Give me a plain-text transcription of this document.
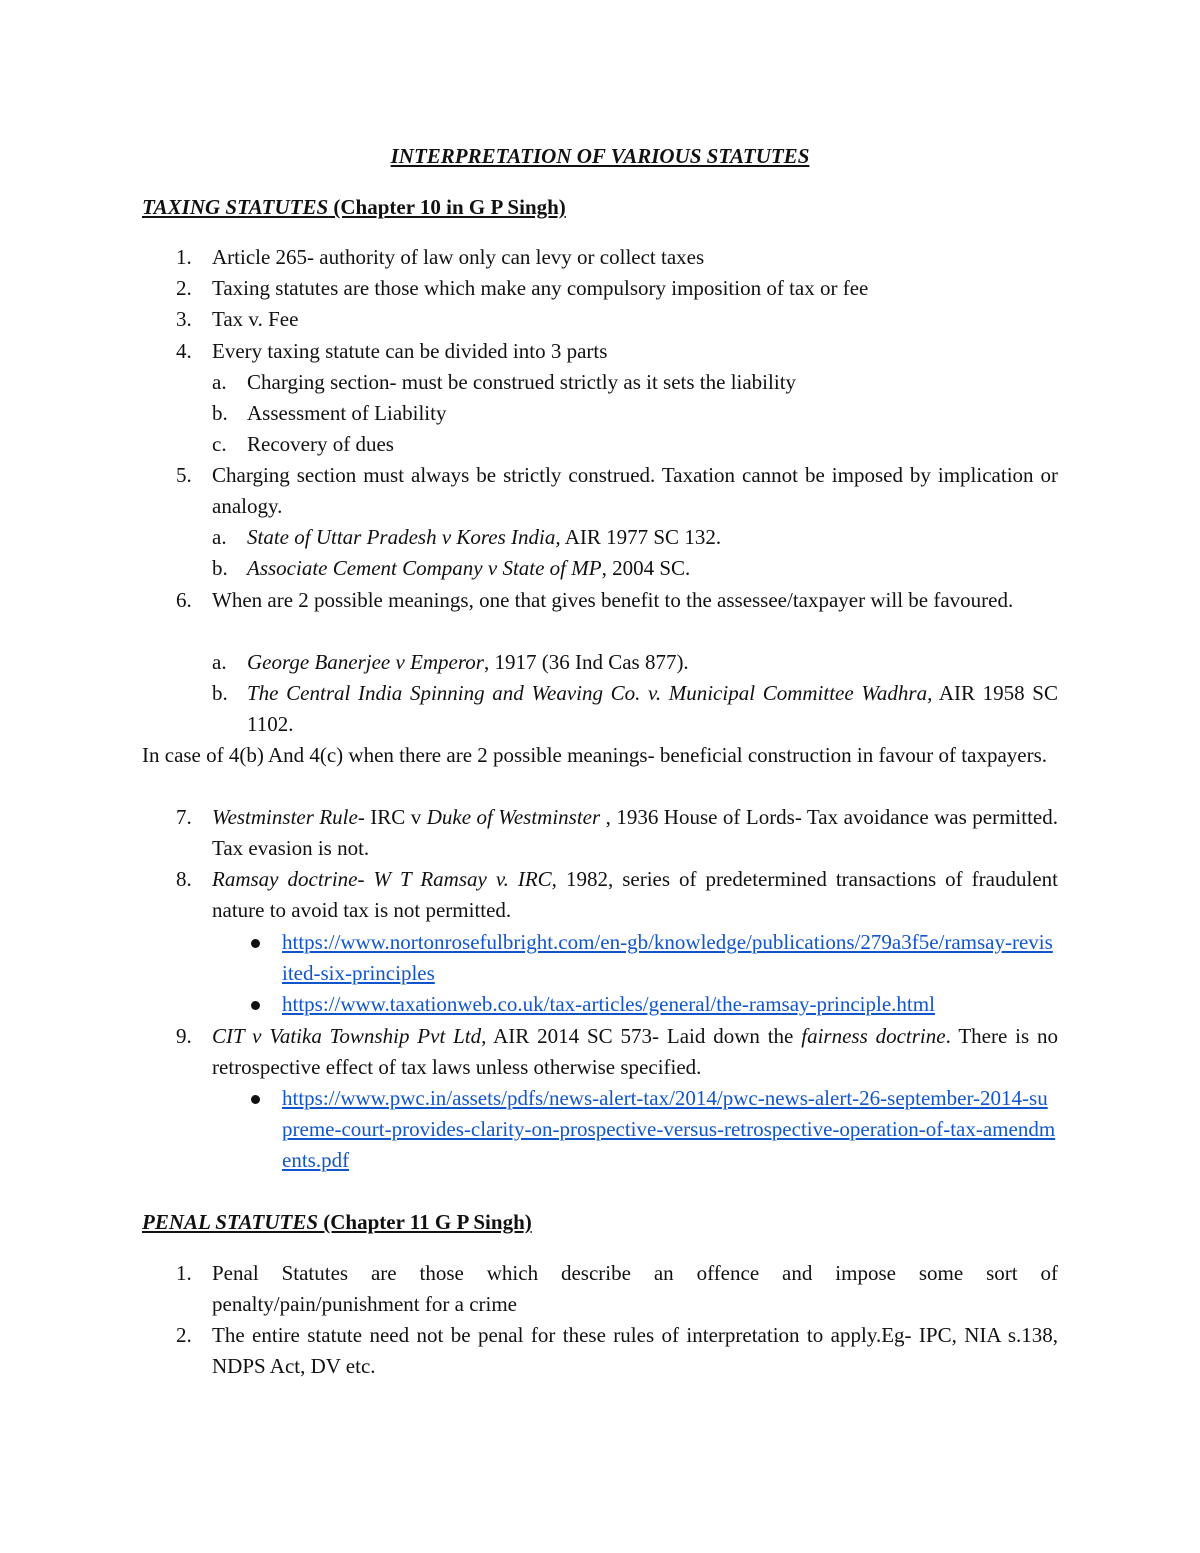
INTERPRETATION OF VARIOUS STATUTES
TAXING STATUTES (Chapter 10 in G P Singh)
1. Article 265- authority of law only can levy or collect taxes
2. Taxing statutes are those which make any compulsory imposition of tax or fee
3. Tax v. Fee
4. Every taxing statute can be divided into 3 parts
a. Charging section- must be construed strictly as it sets the liability
b. Assessment of Liability
c. Recovery of dues
5. Charging section must always be strictly construed. Taxation cannot be imposed by implication or analogy.
a. State of Uttar Pradesh v Kores India, AIR 1977 SC 132.
b. Associate Cement Company v State of MP, 2004 SC.
6. When are 2 possible meanings, one that gives benefit to the assessee/taxpayer will be favoured.
a. George Banerjee v Emperor, 1917 (36 Ind Cas 877).
b. The Central India Spinning and Weaving Co. v. Municipal Committee Wadhra, AIR 1958 SC 1102.
In case of 4(b) And 4(c) when there are 2 possible meanings- beneficial construction in favour of taxpayers.
7. Westminster Rule- IRC v Duke of Westminster , 1936 House of Lords- Tax avoidance was permitted. Tax evasion is not.
8. Ramsay doctrine- W T Ramsay v. IRC, 1982, series of predetermined transactions of fraudulent nature to avoid tax is not permitted.
https://www.nortonrosefulbright.com/en-gb/knowledge/publications/279a3f5e/ramsay-revisited-six-principles
https://www.taxationweb.co.uk/tax-articles/general/the-ramsay-principle.html
9. CIT v Vatika Township Pvt Ltd, AIR 2014 SC 573- Laid down the fairness doctrine. There is no retrospective effect of tax laws unless otherwise specified.
https://www.pwc.in/assets/pdfs/news-alert-tax/2014/pwc-news-alert-26-september-2014-supreme-court-provides-clarity-on-prospective-versus-retrospective-operation-of-tax-amendments.pdf
PENAL STATUTES (Chapter 11 G P Singh)
1. Penal Statutes are those which describe an offence and impose some sort of penalty/pain/punishment for a crime
2. The entire statute need not be penal for these rules of interpretation to apply.Eg- IPC, NIA s.138, NDPS Act, DV etc.
